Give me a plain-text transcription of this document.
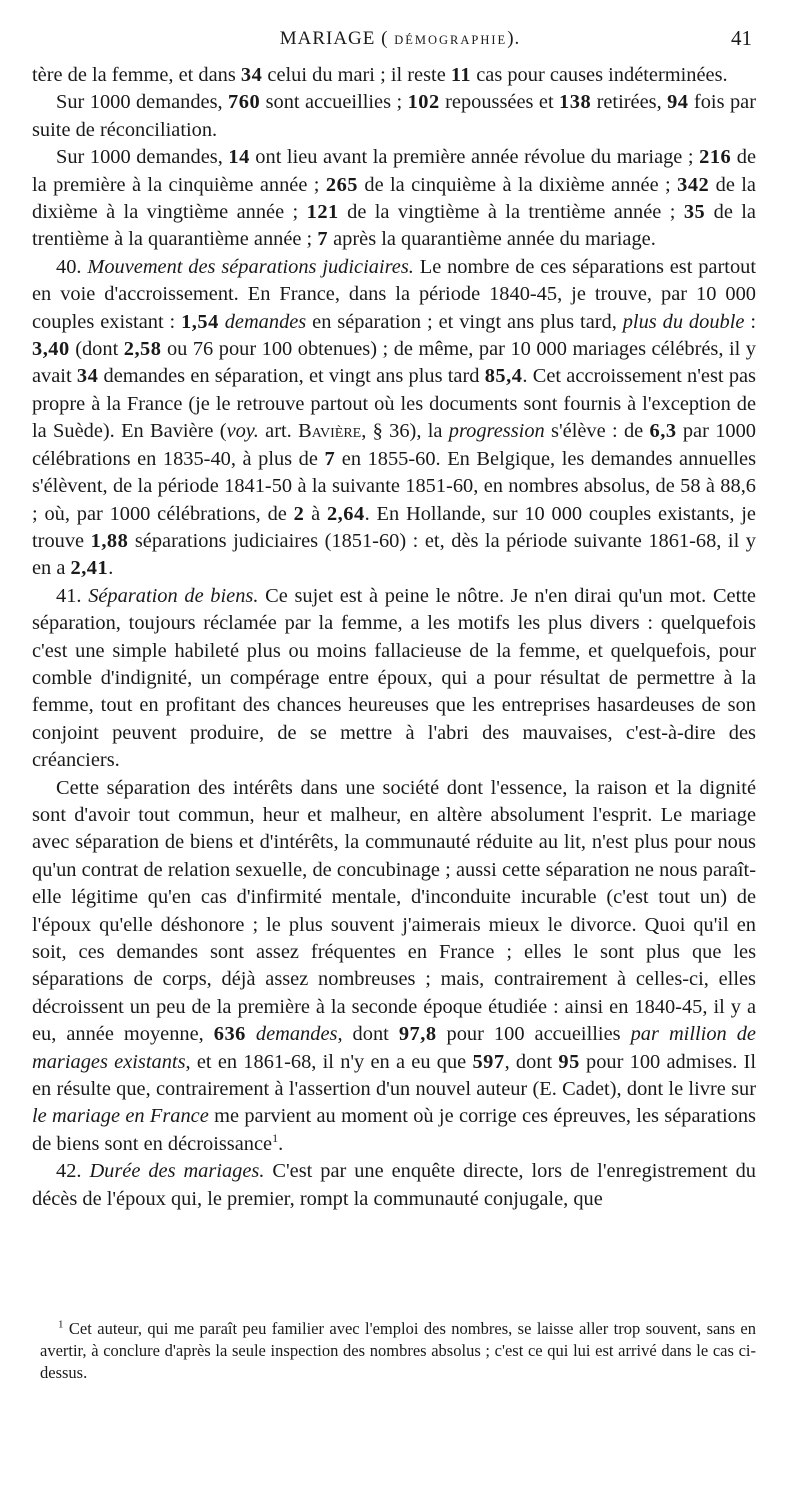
MARIAGE ( DÉMOGRAPHIE).	41

tère de la femme, et dans 34 celui du mari ; il reste 11 cas pour causes indéterminées.

Sur 1000 demandes, 760 sont accueillies ; 102 repoussées et 138 retirées, 94 fois par suite de réconciliation.

Sur 1000 demandes, 14 ont lieu avant la première année révolue du mariage ; 216 de la première à la cinquième année ; 265 de la cinquième à la dixième année ; 342 de la dixième à la vingtième année ; 121 de la vingtième à la trentième année ; 35 de la trentième à la quarantième année ; 7 après la quarantième année du mariage.

40. Mouvement des séparations judiciaires. Le nombre de ces séparations est partout en voie d'accroissement. En France, dans la période 1840-45, je trouve, par 10 000 couples existant : 1,54 demandes en séparation ; et vingt ans plus tard, plus du double : 3,40 (dont 2,58 ou 76 pour 100 obtenues) ; de même, par 10 000 mariages célébrés, il y avait 34 demandes en séparation, et vingt ans plus tard 85,4. Cet accroissement n'est pas propre à la France (je le retrouve partout où les documents sont fournis à l'exception de la Suède). En Bavière (voy. art. Bavière, § 36), la progression s'élève : de 6,3 par 1000 célébrations en 1835-40, à plus de 7 en 1855-60. En Belgique, les demandes annuelles s'élèvent, de la période 1841-50 à la suivante 1851-60, en nombres absolus, de 58 à 88,6 ; où, par 1000 célébrations, de 2 à 2,64. En Hollande, sur 10 000 couples existants, je trouve 1,88 séparations judiciaires (1851-60) : et, dès la période suivante 1861-68, il y en a 2,41.

41. Séparation de biens. Ce sujet est à peine le nôtre. Je n'en dirai qu'un mot. Cette séparation, toujours réclamée par la femme, a les motifs les plus divers : quelquefois c'est une simple habileté plus ou moins fallacieuse de la femme, et quelquefois, pour comble d'indignité, un compérage entre époux, qui a pour résultat de permettre à la femme, tout en profitant des chances heureuses que les entreprises hasardeuses de son conjoint peuvent produire, de se mettre à l'abri des mauvaises, c'est-à-dire des créanciers.

Cette séparation des intérêts dans une société dont l'essence, la raison et la dignité sont d'avoir tout commun, heur et malheur, en altère absolument l'esprit. Le mariage avec séparation de biens et d'intérêts, la communauté réduite au lit, n'est plus pour nous qu'un contrat de relation sexuelle, de concubinage ; aussi cette séparation ne nous paraît-elle légitime qu'en cas d'infirmité mentale, d'inconduite incurable (c'est tout un) de l'époux qu'elle déshonore ; le plus souvent j'aimerais mieux le divorce. Quoi qu'il en soit, ces demandes sont assez fréquentes en France ; elles le sont plus que les séparations de corps, déjà assez nombreuses ; mais, contrairement à celles-ci, elles décroissent un peu de la première à la seconde époque étudiée : ainsi en 1840-45, il y a eu, année moyenne, 636 demandes, dont 97,8 pour 100 accueillies par million de mariages existants, et en 1861-68, il n'y en a eu que 597, dont 95 pour 100 admises. Il en résulte que, contrairement à l'assertion d'un nouvel auteur (E. Cadet), dont le livre sur le mariage en France me parvient au moment où je corrige ces épreuves, les séparations de biens sont en décroissance$^1$.

42. Durée des mariages. C'est par une enquête directe, lors de l'enregistrement du décès de l'époux qui, le premier, rompt la communauté conjugale, que

$^1$ Cet auteur, qui me paraît peu familier avec l'emploi des nombres, se laisse aller trop souvent, sans en avertir, à conclure d'après la seule inspection des nombres absolus ; c'est ce qui lui est arrivé dans le cas ci-dessus.
